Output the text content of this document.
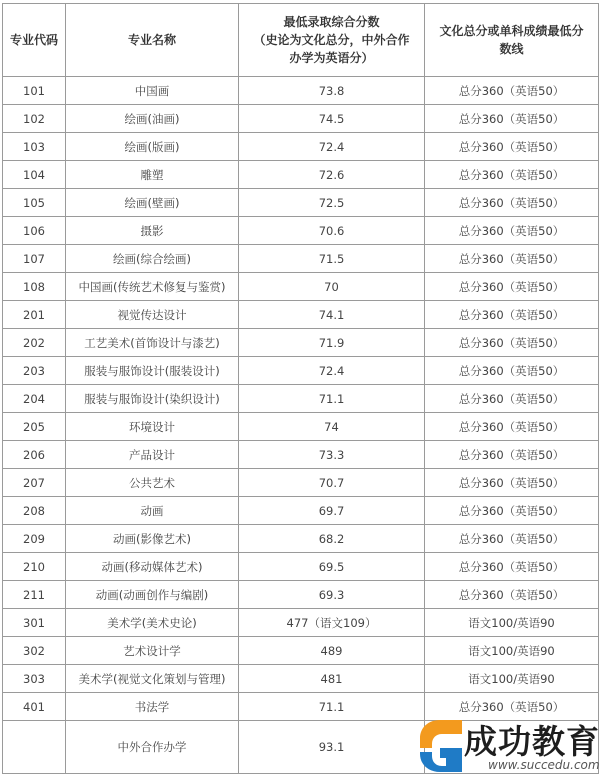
专业代码	专业名称	最低录取综合分数
（史论为文化总分，中外合作
办学为英语分）	文化总分或单科成绩最低分
数线

101	中国画	73.8	总分360（英语50）
102	绘画(油画)	74.5	总分360（英语50）
103	绘画(版画)	72.4	总分360（英语50）
104	雕塑	72.6	总分360（英语50）
105	绘画(壁画)	72.5	总分360（英语50）
106	摄影	70.6	总分360（英语50）
107	绘画(综合绘画)	71.5	总分360（英语50）
108	中国画(传统艺术修复与鉴赏)	70	总分360（英语50）
201	视觉传达设计	74.1	总分360（英语50）
202	工艺美术(首饰设计与漆艺)	71.9	总分360（英语50）
203	服装与服饰设计(服装设计)	72.4	总分360（英语50）
204	服装与服饰设计(染织设计)	71.1	总分360（英语50）
205	环境设计	74	总分360（英语50）
206	产品设计	73.3	总分360（英语50）
207	公共艺术	70.7	总分360（英语50）
208	动画	69.7	总分360（英语50）
209	动画(影像艺术)	68.2	总分360（英语50）
210	动画(移动媒体艺术)	69.5	总分360（英语50）
211	动画(动画创作与编剧)	69.3	总分360（英语50）
301	美术学(美术史论)	477（语文109）	语文100/英语90
302	艺术设计学	489	语文100/英语90
303	美术学(视觉文化策划与管理)	481	语文100/英语90
401	书法学	71.1	总分360（英语50）
	中外合作办学	93.1		成功教育
www.succedu.com
